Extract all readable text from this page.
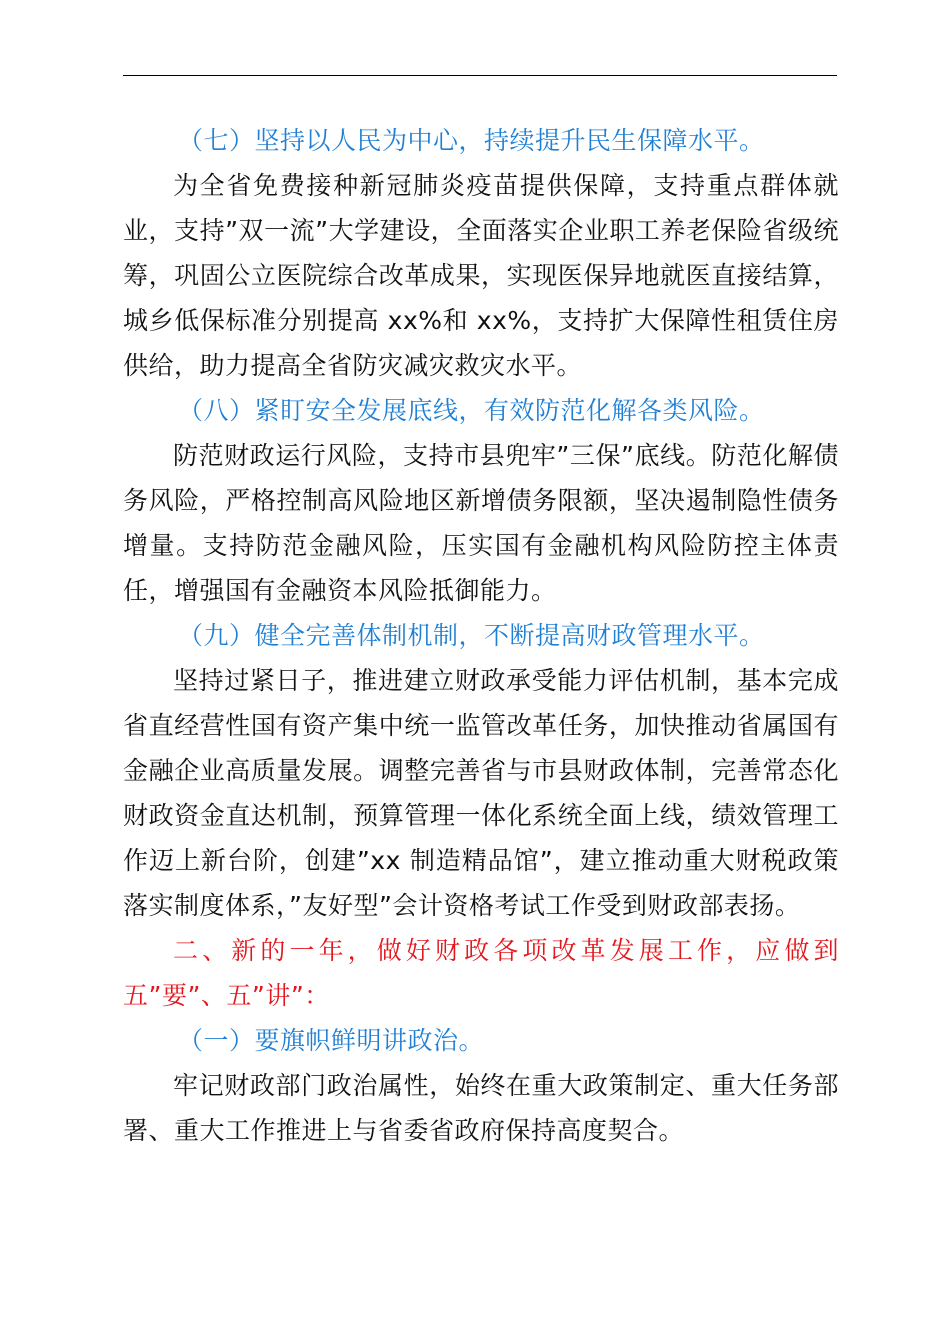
（七）坚持以人民为中心，持续提升民生保障水平。

为全省免费接种新冠肺炎疫苗提供保障，支持重点群体就业，支持”双一流”大学建设，全面落实企业职工养老保险省级统筹，巩固公立医院综合改革成果，实现医保异地就医直接结算，城乡低保标准分别提高 xx%和 xx%，支持扩大保障性租赁住房供给，助力提高全省防灾减灾救灾水平。

（八）紧盯安全发展底线，有效防范化解各类风险。

防范财政运行风险，支持市县兜牢”三保”底线。防范化解债务风险，严格控制高风险地区新增债务限额，坚决遏制隐性债务增量。支持防范金融风险，压实国有金融机构风险防控主体责任，增强国有金融资本风险抵御能力。

（九）健全完善体制机制，不断提高财政管理水平。

坚持过紧日子，推进建立财政承受能力评估机制，基本完成省直经营性国有资产集中统一监管改革任务，加快推动省属国有金融企业高质量发展。调整完善省与市县财政体制，完善常态化财政资金直达机制，预算管理一体化系统全面上线，绩效管理工作迈上新台阶，创建”xx 制造精品馆”，建立推动重大财税政策落实制度体系，”友好型”会计资格考试工作受到财政部表扬。

二、新的一年，做好财政各项改革发展工作，应做到五”要”、五”讲”：

（一）要旗帜鲜明讲政治。

牢记财政部门政治属性，始终在重大政策制定、重大任务部署、重大工作推进上与省委省政府保持高度契合。
